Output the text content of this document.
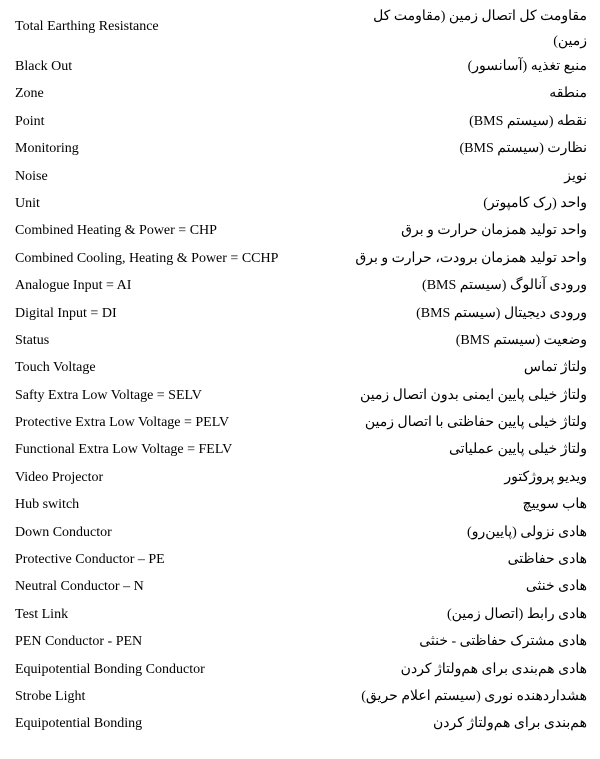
Total Earthing Resistance
مقاومت کل اتصال زمین (مقاومت کل زمین)
Black Out	منبع تغذیه (آسانسور)
Zone	منطقه
Point	نقطه (سیستم BMS)
Monitoring	نظارت (سیستم BMS)
Noise	نویز
Unit	واحد (رک کامپوتر)
Combined Heating & Power = CHP	واحد تولید همزمان حرارت و برق
Combined Cooling, Heating & Power = CCHP	واحد تولید همزمان برودت، حرارت و برق
Analogue Input = AI	ورودی آنالوگ (سیستم BMS)
Digital Input = DI	ورودی دیجیتال (سیستم BMS)
Status	وضعیت (سیستم BMS)
Touch Voltage	ولتاژ تماس
Safty Extra Low Voltage = SELV	ولتاژ خیلی پایین ایمنی بدون اتصال زمین
Protective Extra Low Voltage = PELV	ولتاژ خیلی پایین حفاظتی با اتصال زمین
Functional Extra Low Voltage = FELV	ولتاژ خیلی پایین عملیاتی
Video Projector	ویدیو پروژکتور
Hub switch	هاب سوییچ
Down Conductor	هادی نزولی (پایین‌رو)
Protective Conductor – PE	هادی حفاظتی
Neutral Conductor – N	هادی خنثی
Test Link	هادی رابط (اتصال زمین)
PEN Conductor - PEN	هادی مشترک حفاظتی - خنثی
Equipotential Bonding Conductor	هادی هم‌بندی برای هم‌ولتاژ کردن
Strobe Light	هشداردهنده نوری (سیستم اعلام حریق)
Equipotential Bonding	هم‌بندی برای هم‌ولتاژ کردن
